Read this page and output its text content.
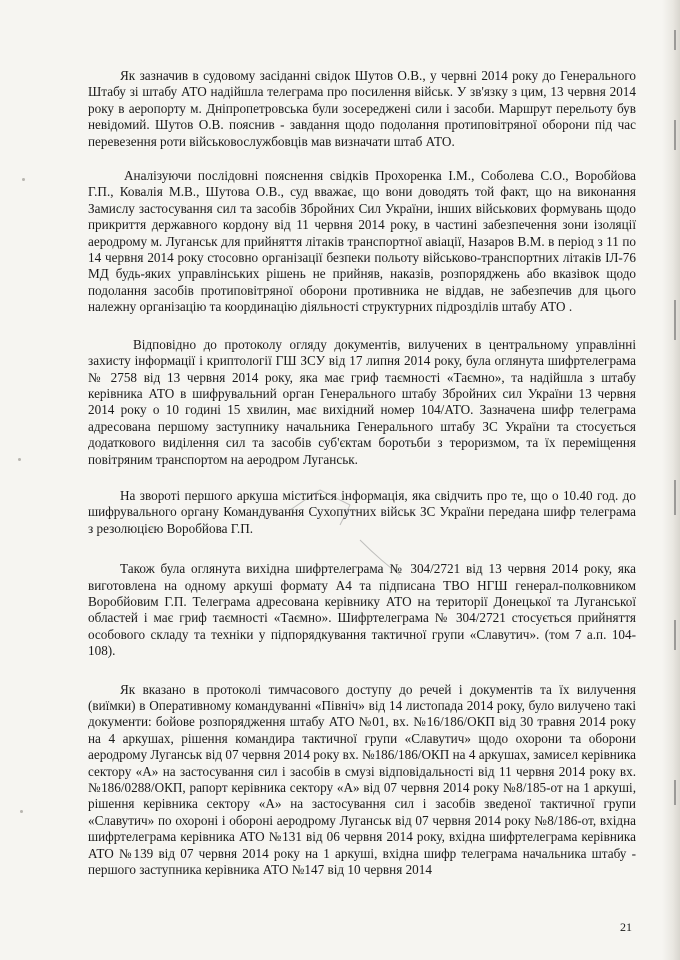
Як зазначив в судовому засіданні свідок Шутов О.В., у червні 2014 року до Генерального Штабу зі штабу АТО надійшла телеграма про посилення військ. У зв'язку з цим, 13 червня 2014 року в аеропорту м. Дніпропетровська були зосереджені сили і засоби. Маршрут перельоту був невідомий. Шутов О.В. пояснив - завдання щодо подолання протиповітряної оборони під час перевезення роти військовослужбовців мав визначати штаб АТО.

Аналізуючи послідовні пояснення свідків Прохоренка І.М., Соболева С.О., Воробйова Г.П., Ковалія М.В., Шутова О.В., суд вважає, що вони доводять той факт, що на виконання Замислу застосування сил та засобів Збройних Сил України, інших військових формувань щодо прикриття державного кордону від 11 червня 2014 року, в частині забезпечення зони ізоляції аеродрому м. Луганськ для прийняття літаків транспортної авіації, Назаров В.М. в період з 11 по 14 червня 2014 року стосовно організації безпеки польоту військово-транспортних літаків ІЛ-76 МД будь-яких управлінських рішень не прийняв, наказів, розпоряджень або вказівок щодо подолання засобів протиповітряної оборони противника не віддав, не забезпечив для цього належну організацію та координацію діяльності структурних підрозділів штабу АТО .

Відповідно до протоколу огляду документів, вилучених в центральному управлінні захисту інформації і криптології ГШ ЗСУ від 17 липня 2014 року, була оглянута шифртелеграма № 2758 від 13 червня 2014 року, яка має гриф таємності «Таємно», та надійшла з штабу керівника АТО в шифрувальний орган Генерального штабу Збройних сил України 13 червня 2014 року о 10 годині 15 хвилин, має вихідний номер 104/АТО. Зазначена шифр телеграма адресована першому заступнику начальника Генерального штабу ЗС України та стосується додаткового виділення сил та засобів суб'єктам боротьби з тероризмом, та їх переміщення повітряним транспортом на аеродром Луганськ.

На звороті першого аркуша міститься інформація, яка свідчить про те, що о 10.40 год. до шифрувального органу Командування Сухопутних військ ЗС України передана шифр телеграма з резолюцією Воробйова Г.П.

Також була оглянута вихідна шифртелеграма № 304/2721 від 13 червня 2014 року, яка виготовлена на одному аркуші формату А4 та підписана ТВО НГШ генерал-полковником Воробйовим Г.П. Телеграма адресована керівнику АТО на території Донецької та Луганської областей і має гриф таємності «Таємно». Шифртелеграма № 304/2721 стосується прийняття особового складу та техніки у підпорядкування тактичної групи «Славутич». (том 7 а.п. 104-108).

Як вказано в протоколі тимчасового доступу до речей і документів та їх вилучення (виїмки) в Оперативному командуванні «Північ» від 14 листопада 2014 року, було вилучено такі документи: бойове розпорядження штабу АТО №01, вх. №16/186/ОКП від 30 травня 2014 року на 4 аркушах, рішення командира тактичної групи «Славутич» щодо охорони та оборони аеродрому Луганськ від 07 червня 2014 року вх. №186/186/ОКП на 4 аркушах, замисел керівника сектору «А» на застосування сил і засобів в смузі відповідальності від 11 червня 2014 року вх. №186/0288/ОКП, рапорт керівника сектору «А» від 07 червня 2014 року №8/185-от на 1 аркуші, рішення керівника сектору «А» на застосування сил і засобів зведеної тактичної групи «Славутич» по охороні і обороні аеродрому Луганськ від 07 червня 2014 року №8/186-от, вхідна шифртелеграма керівника АТО №131 від 06 червня 2014 року, вхідна шифртелеграма керівника АТО №139 від 07 червня 2014 року на 1 аркуші, вхідна шифр телеграма начальника штабу - першого заступника керівника АТО №147 від 10 червня 2014

21
